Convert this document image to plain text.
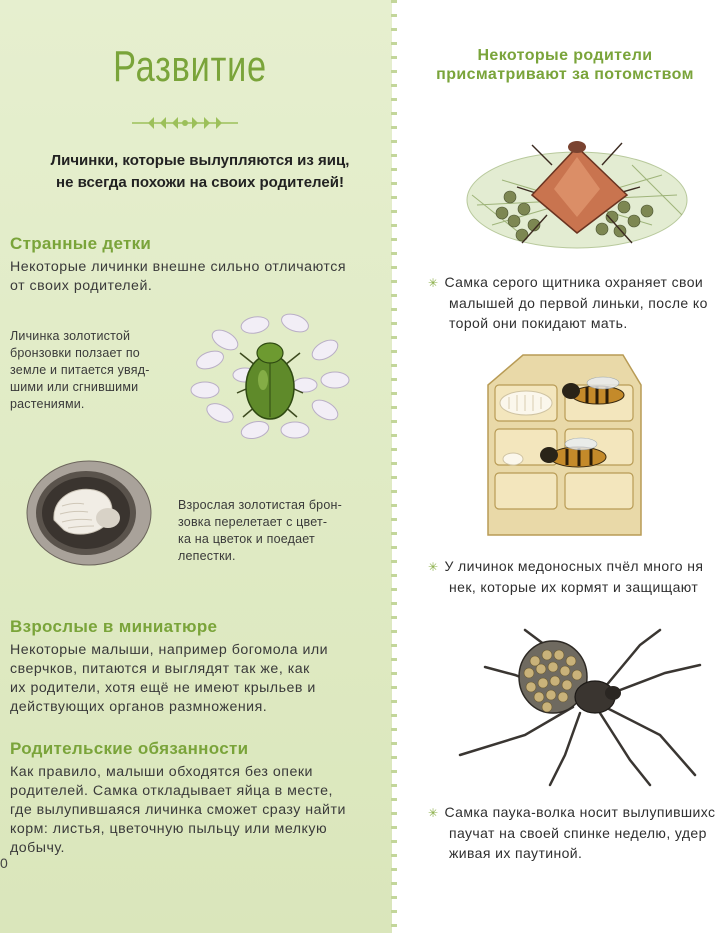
Развитие
Личинки, которые вылупляются из яиц,
не всегда похожи на своих родителей!
Странные детки
Некоторые личинки внешне сильно отличаются
от своих родителей.
Личинка золотистой
бронзовки ползает по
земле и питается увяд-
шими или сгнившими
растениями.
Взрослая золотистая брон-
зовка перелетает с цвет-
ка на цветок и поедает
лепестки.
Взрослые в миниатюре
Некоторые малыши, например богомола или
сверчков, питаются и выглядят так же, как
их родители, хотя ещё не имеют крыльев и
действующих органов размножения.
Родительские обязанности
Как правило, малыши обходятся без опеки
родителей. Самка откладывает яйца в месте,
где вылупившаяся личинка сможет сразу найти
корм: листья, цветочную пыльцу или мелкую
добычу.
0
Некоторые родители
присматривают за потомством
✳ Самка серого щитника охраняет свои
малышей до первой линьки, после ко
торой они покидают мать.
✳ У личинок медоносных пчёл много ня
нек, которые их кормят и защищают
✳ Самка паука-волка носит вылупившихс
паучат на своей спинке неделю, удер
живая их паутиной.
